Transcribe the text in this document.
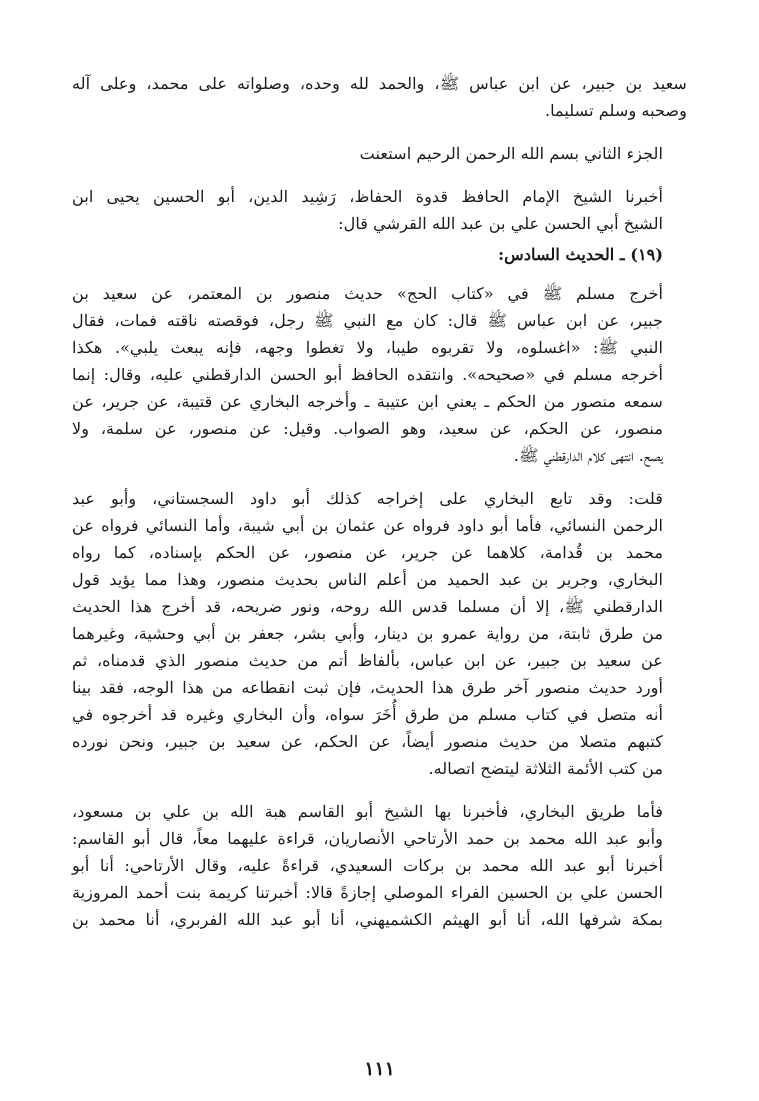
سعيد بن جبير، عن ابن عباس ﷺ، والحمد لله وحده، وصلواته على محمد، وعلى آله
وصحبه وسلم تسليما.
الجزء الثاني بسم الله الرحمن الرحيم استعنت
أخبرنا الشيخ الإمام الحافظ قدوة الحفاظ، رَشِيد الدين، أبو الحسين يحيى ابن
الشيخ أبي الحسن علي بن عبد الله القرشي قال:
(١٩) ـ الحديث السادس:
أخرج مسلم ﷺ في «كتاب الحج» حديث منصور بن المعتمر، عن سعيد بن
جبير، عن ابن عباس ﷺ قال: كان مع النبي ﷺ رجل، فوقصته ناقته فمات، فقال
النبي ﷺ: «اغسلوه، ولا تقربوه طيبا، ولا تغطوا وجهه، فإنه يبعث يلبي». هكذا
أخرجه مسلم في «صحيحه». وانتقده الحافظ أبو الحسن الدارقطني عليه، وقال: إنما
سمعه منصور من الحكم ـ يعني ابن عتيبة ـ وأخرجه البخاري عن قتيبة، عن جرير، عن
منصور، عن الحكم، عن سعيد، وهو الصواب. وقيل: عن منصور، عن سلمة، ولا
يصح. انتهى كلام الدارقطني ﷺ.
قلت: وقد تابع البخاري على إخراجه كذلك أبو داود السجستاني، وأبو عبد
الرحمن النسائي، فأما أبو داود فرواه عن عثمان بن أبي شيبة، وأما النسائي فرواه عن
محمد بن قُدامة، كلاهما عن جرير، عن منصور، عن الحكم بإسناده، كما رواه
البخاري، وجرير بن عبد الحميد من أعلم الناس بحديث منصور، وهذا مما يؤيد قول
الدارقطني ﷺ، إلا أن مسلما قدس الله روحه، ونور ضريحه، قد أخرج هذا الحديث
من طرق ثابتة، من رواية عمرو بن دينار، وأبي بشر، جعفر بن أبي وحشية، وغيرهما
عن سعيد بن جبير، عن ابن عباس، بألفاظ أتم من حديث منصور الذي قدمناه، ثم
أورد حديث منصور آخر طرق هذا الحديث، فإن ثبت انقطاعه من هذا الوجه، فقد بينا
أنه متصل في كتاب مسلم من طرق أُخَرَ سواه، وأن البخاري وغيره قد أخرجوه في
كتبهم متصلا من حديث منصور أيضاً، عن الحكم، عن سعيد بن جبير، ونحن نورده
من كتب الأئمة الثلاثة ليتضح اتصاله.
فأما طريق البخاري، فأخبرنا بها الشيخ أبو القاسم هبة الله بن علي بن مسعود،
وأبو عبد الله محمد بن حمد الأرتاحي الأنصاريان، قراءة عليهما معاً، قال أبو القاسم:
أخبرنا أبو عبد الله محمد بن بركات السعيدي، قراءةً عليه، وقال الأرتاحي: أنا أبو
الحسن علي بن الحسين الفراء الموصلي إجازةً قالا: أخبرتنا كريمة بنت أحمد المروزية
بمكة شرفها الله، أنا أبو الهيثم الكشميهني، أنا أبو عبد الله الفربري، أنا محمد بن
١١١
